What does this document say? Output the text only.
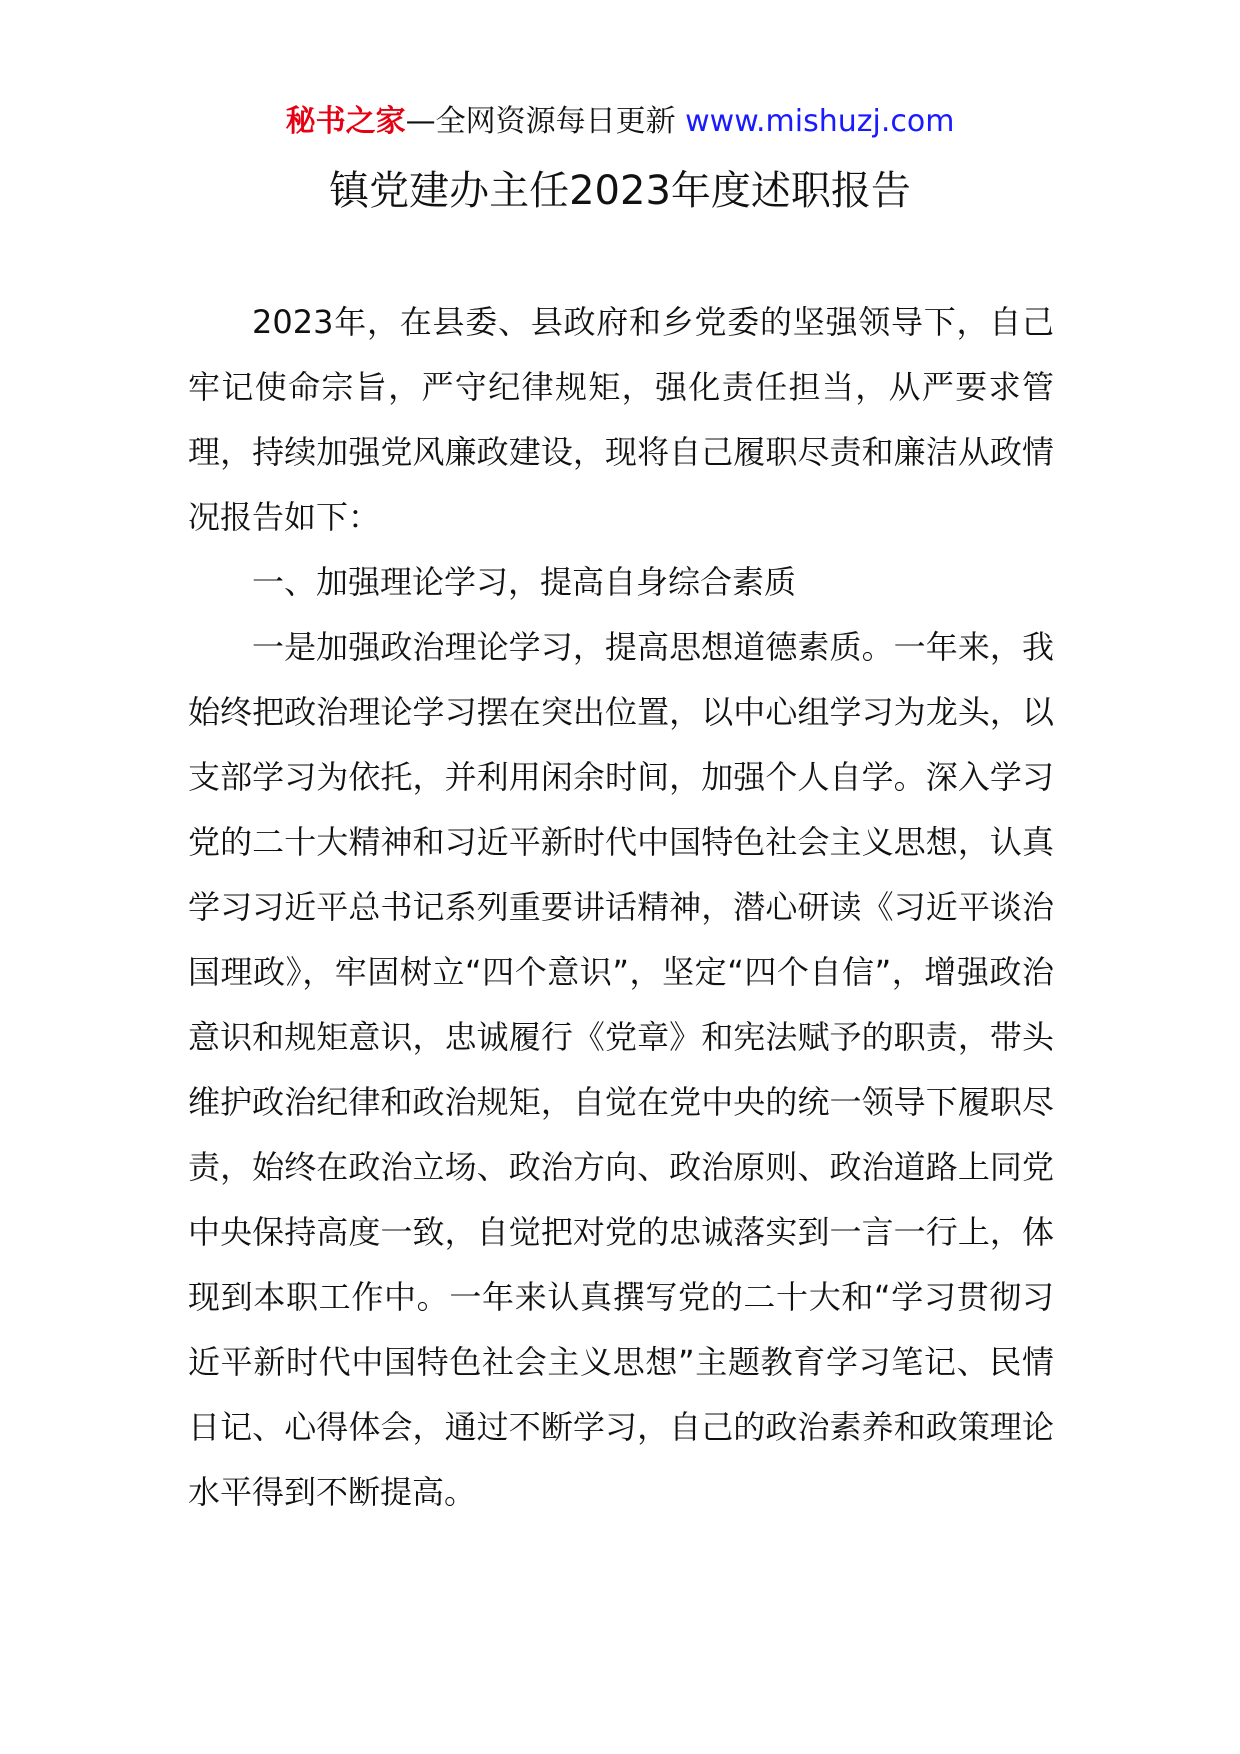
秘书之家—全网资源每日更新 www.mishuzj.com
镇党建办主任2023年度述职报告

2023年，在县委、县政府和乡党委的坚强领导下，自己牢记使命宗旨，严守纪律规矩，强化责任担当，从严要求管理，持续加强党风廉政建设，现将自己履职尽责和廉洁从政情况报告如下：

一、加强理论学习，提高自身综合素质

一是加强政治理论学习，提高思想道德素质。一年来，我始终把政治理论学习摆在突出位置，以中心组学习为龙头，以支部学习为依托，并利用闲余时间，加强个人自学。深入学习党的二十大精神和习近平新时代中国特色社会主义思想，认真学习习近平总书记系列重要讲话精神，潜心研读《习近平谈治国理政》，牢固树立“四个意识”，坚定“四个自信”，增强政治意识和规矩意识，忠诚履行《党章》和宪法赋予的职责，带头维护政治纪律和政治规矩，自觉在党中央的统一领导下履职尽责，始终在政治立场、政治方向、政治原则、政治道路上同党中央保持高度一致，自觉把对党的忠诚落实到一言一行上，体现到本职工作中。一年来认真撰写党的二十大和“学习贯彻习近平新时代中国特色社会主义思想”主题教育学习笔记、民情日记、心得体会，通过不断学习，自己的政治素养和政策理论水平得到不断提高。
